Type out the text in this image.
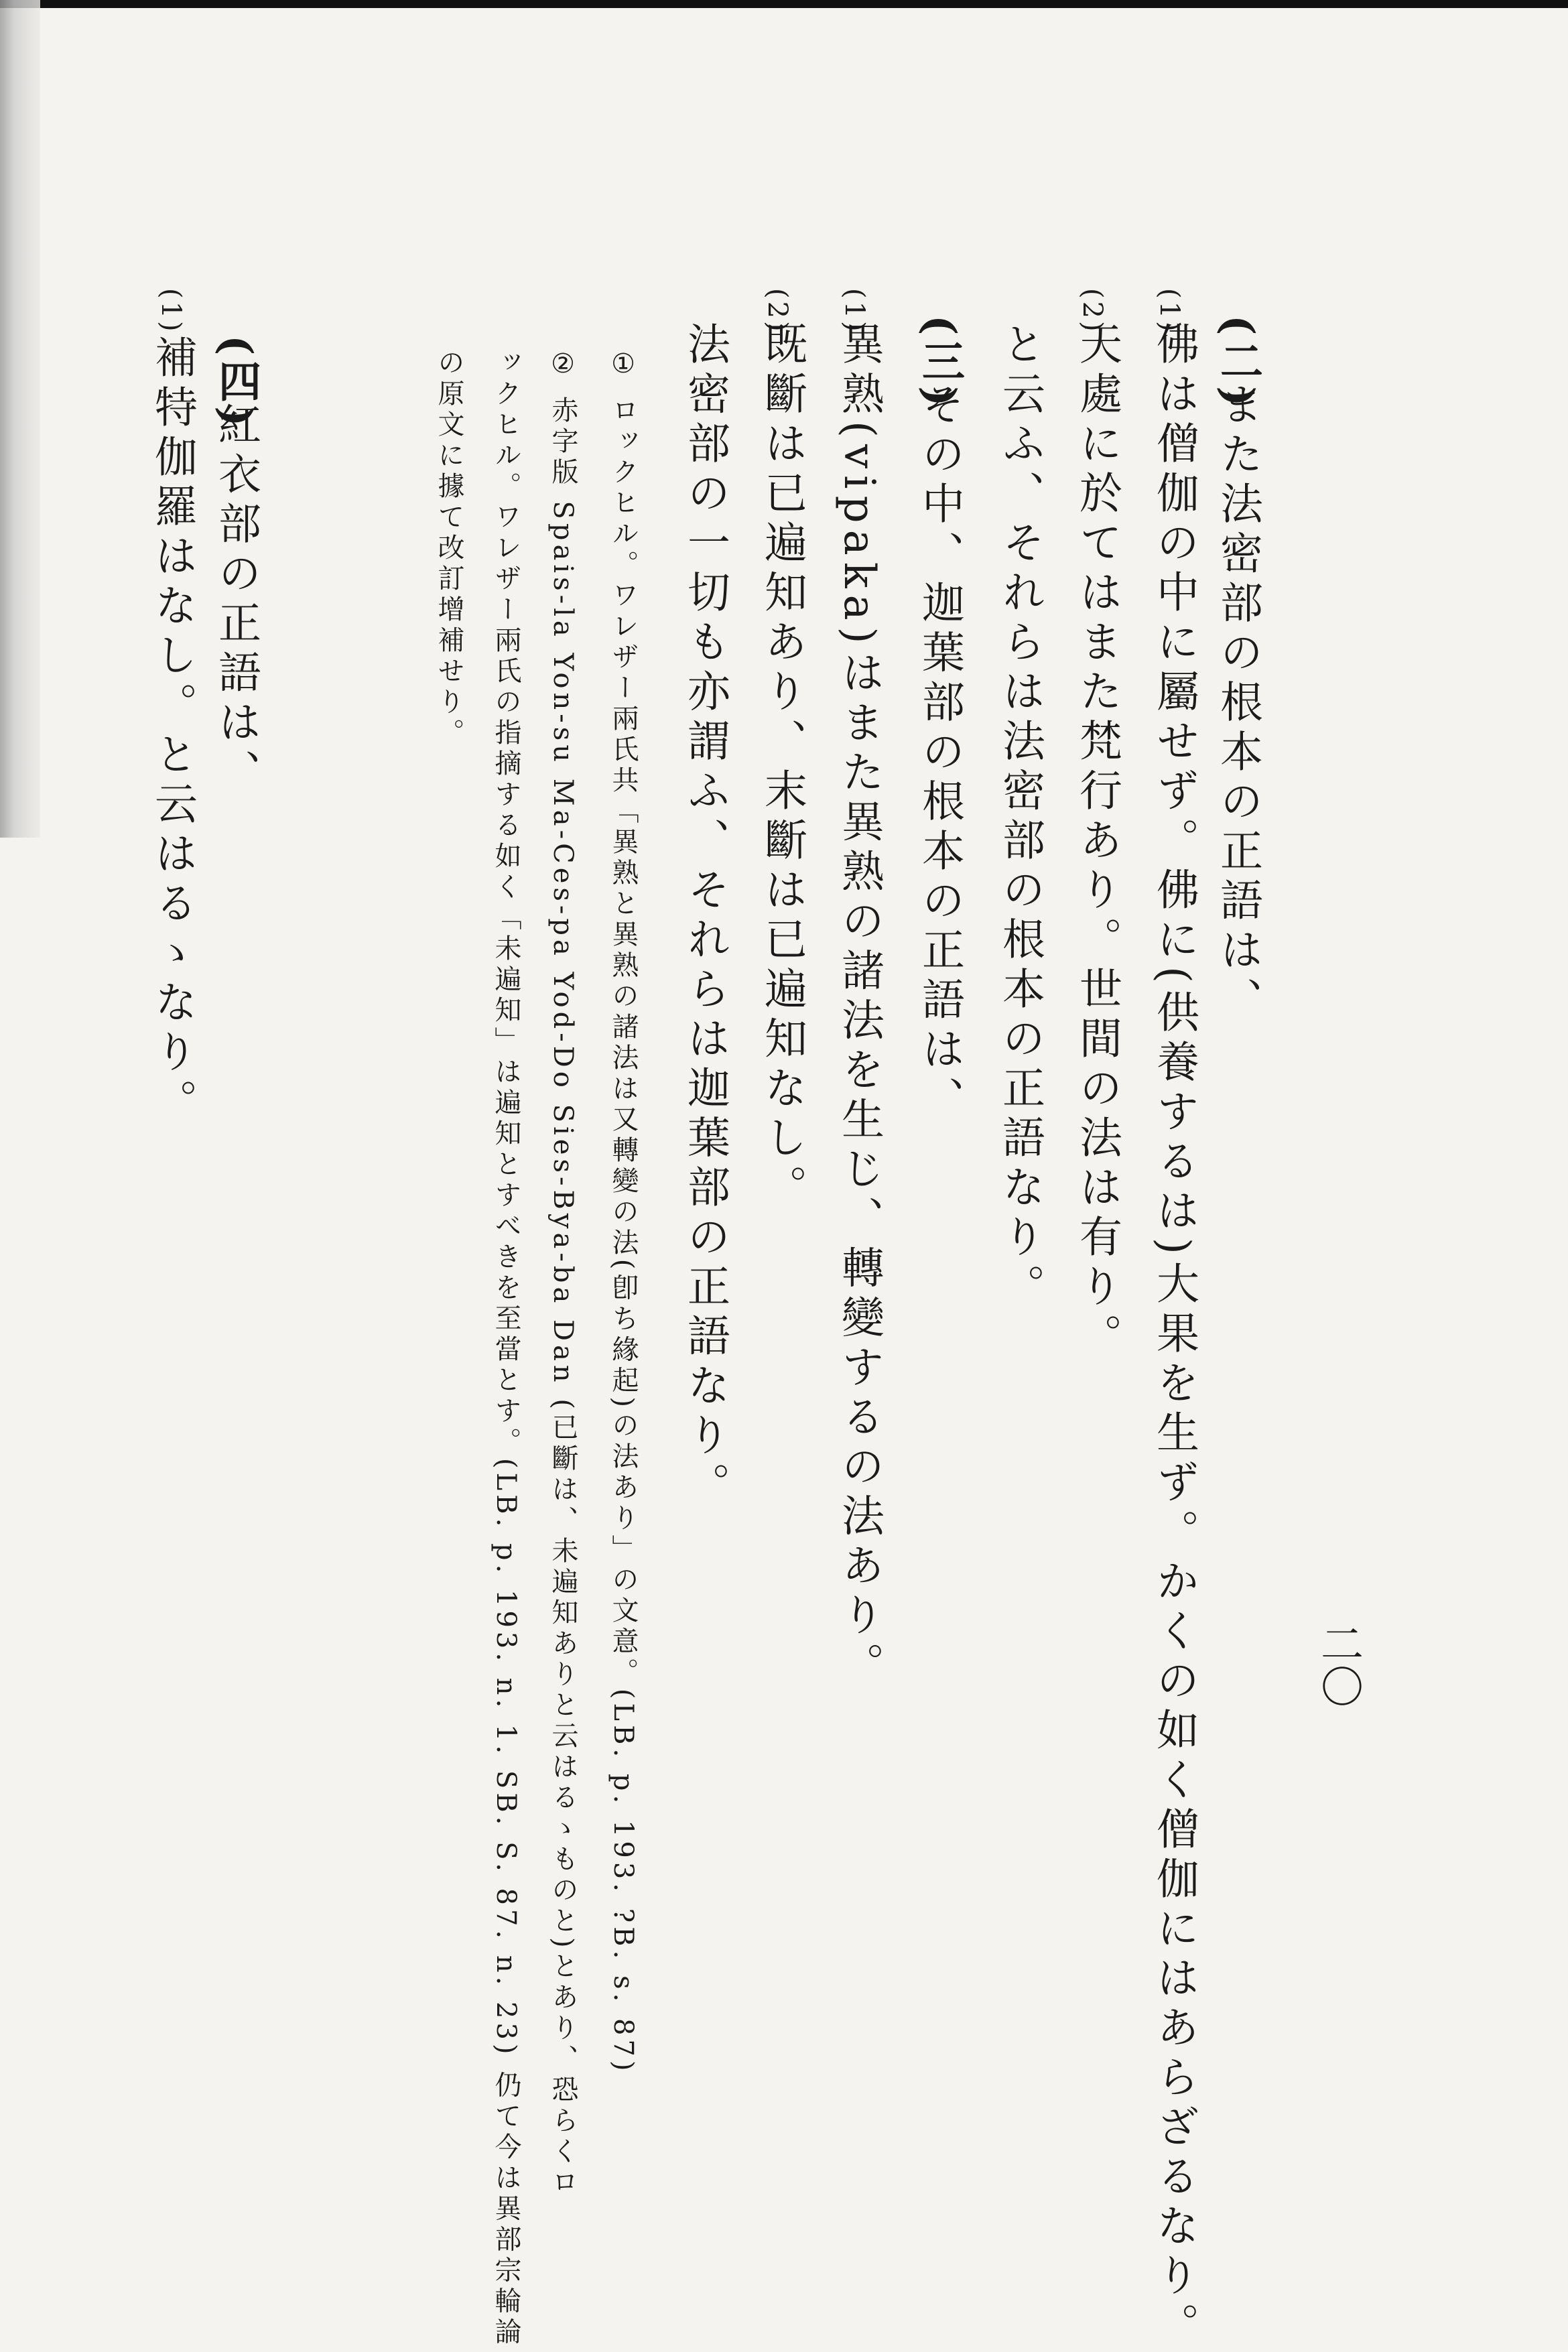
二〇
(二)
また法密部の根本の正語は、
(1)
佛は僧伽の中に屬せず。佛に(供養するは)大果を生ず。かくの如く僧伽にはあらざるなり。
(2)
天處に於てはまた梵行あり。世間の法は有り。
と云ふ、それらは法密部の根本の正語なり。
(三)
その中、迦葉部の根本の正語は、
(1)
異熟(vipaka)はまた異熟の諸法を生じ、轉變するの法あり。
(2)
既斷は已遍知あり、末斷は已遍知なし。
法密部の一切も亦謂ふ、それらは迦葉部の正語なり。
① ロックヒル。ワレザー兩氏共「異熟と異熟の諸法は又轉變の法(卽ち緣起)の法あり」の文意。(LB. p. 193. ?B. s. 87)
② 赤字版 Spais-la Yon-su Ma-Ces-pa Yod-Do Sies-Bya-ba Dan (已斷は、未遍知ありと云はるゝものと)とあり、恐らくロ
ックヒル。ワレザー兩氏の指摘する如く「未遍知」は遍知とすべきを至當とす。(LB. p. 193. n. 1. SB. S. 87. n. 23) 仍て今は異部宗輪論
の原文に據て改訂增補せり。
(四)
紅衣部の正語は、
(1)
補特伽羅はなし。と云はるゝなり。
